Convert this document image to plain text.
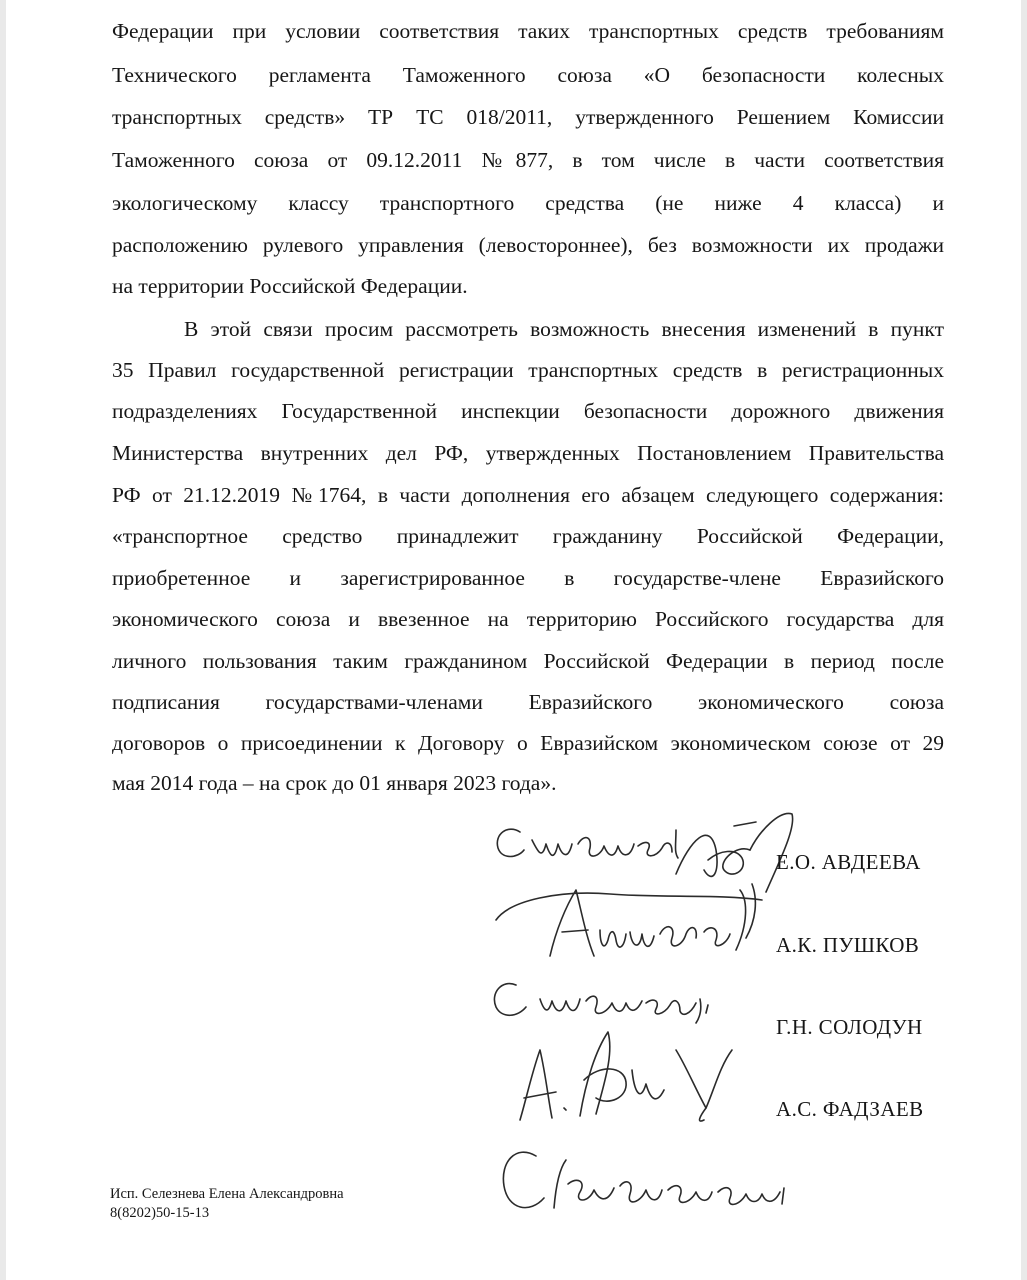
Федерации при условии соответствия таких транспортных средств требованиям
Технического регламента Таможенного союза «О безопасности колесных
транспортных средств» ТР ТС 018/2011, утвержденного Решением Комиссии
Таможенного союза от 09.12.2011 №877, в том числе в части соответствия
экологическому классу транспортного средства (не ниже 4 класса) и
расположению рулевого управления (левостороннее), без возможности их продажи
на территории Российской Федерации.
В этой связи просим рассмотреть возможность внесения изменений в пункт
35 Правил государственной регистрации транспортных средств в регистрационных
подразделениях Государственной инспекции безопасности дорожного движения
Министерства внутренних дел РФ, утвержденных Постановлением Правительства
РФ от 21.12.2019 №1764, в части дополнения его абзацем следующего содержания:
«транспортное средство принадлежит гражданину Российской Федерации,
приобретенное и зарегистрированное в государстве-члене Евразийского
экономического союза и ввезенное на территорию Российского государства для
личного пользования таким гражданином Российской Федерации в период после
подписания государствами-членами Евразийского экономического союза
договоров о присоединении к Договору о Евразийском экономическом союзе от 29
мая 2014 года – на срок до 01 января 2023 года».
Е.О. АВДЕЕВА
А.К. ПУШКОВ
Г.Н. СОЛОДУН
А.С. ФАДЗАЕВ
Исп. Селезнева Елена Александровна
8(8202)50-15-13
